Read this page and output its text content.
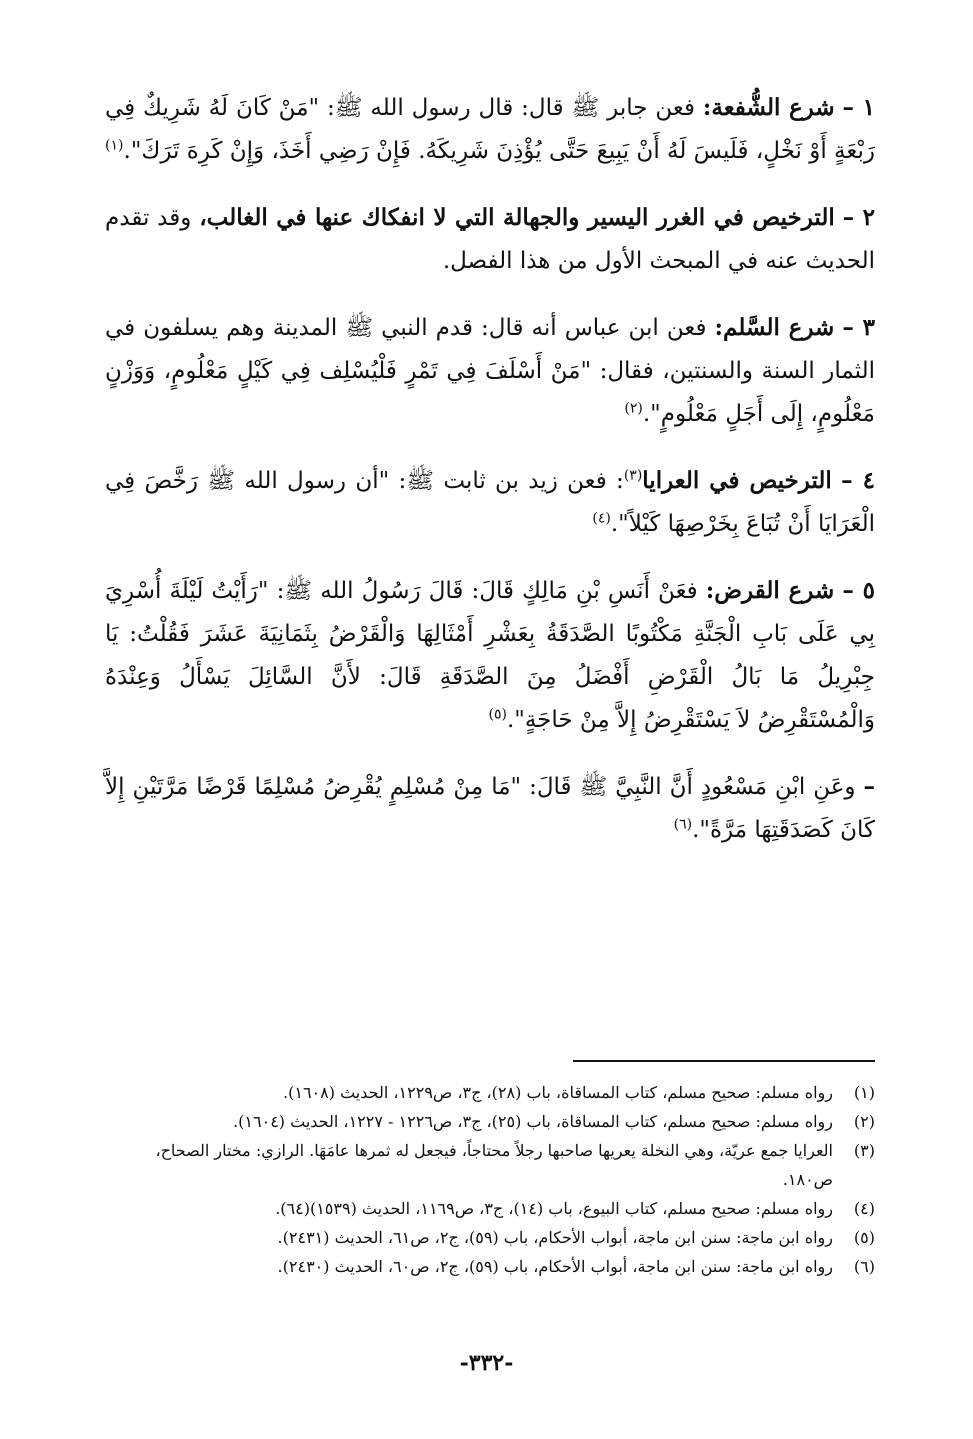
١ – شرع الشُّفعة: فعن جابر ﷺ قال: قال رسول الله ﷺ: "مَنْ كَانَ لَهُ شَرِيكٌ فِي رَبْعَةٍ أَوْ نَخْلٍ، فَلَيسَ لَهُ أَنْ يَبِيعَ حَتَّى يُؤْذِنَ شَرِيكَهُ. فَإِنْ رَضِي أَخَذَ، وَإِنْ كَرِهَ تَرَكَ".$^{(١)}$

٢ – الترخيص في الغرر اليسير والجهالة التي لا انفكاك عنها في الغالب، وقد تقدم الحديث عنه في المبحث الأول من هذا الفصل.

٣ – شرع السَّلم: فعن ابن عباس أنه قال: قدم النبي ﷺ المدينة وهم يسلفون في الثمار السنة والسنتين، فقال: "مَنْ أَسْلَفَ فِي تَمْرٍ فَلْيُسْلِف فِي كَيْلٍ مَعْلُومٍ، وَوَزْنٍ مَعْلُومٍ، إِلَى أَجَلٍ مَعْلُومٍ".$^{(٢)}$

٤ – الترخيص في العرايا$^{(٣)}$: فعن زيد بن ثابت ﷺ: "أن رسول الله ﷺ رَخَّصَ فِي الْعَرَايَا أَنْ تُبَاعَ بِخَرْصِهَا كَيْلاً".$^{(٤)}$

٥ – شرع القرض: فعَنْ أَنَسِ بْنِ مَالِكٍ قَالَ: قَالَ رَسُولُ الله ﷺ: "رَأَيْتُ لَيْلَةَ أُسْرِيَ بِي عَلَى بَابِ الْجَنَّةِ مَكْتُوبًا الصَّدَقَةُ بِعَشْرِ أَمْثَالِهَا وَالْقَرْضُ بِثَمَانِيَةَ عَشَرَ فَقُلْتُ: يَا جِبْرِيلُ مَا بَالُ الْقَرْضِ أَفْضَلُ مِنَ الصَّدَقَةِ قَالَ: لأَنَّ السَّائِلَ يَسْأَلُ وَعِنْدَهُ وَالْمُسْتَقْرِضُ لاَ يَسْتَقْرِضُ إِلاَّ مِنْ حَاجَةٍ".$^{(٥)}$

– وعَنِ ابْنِ مَسْعُودٍ أَنَّ النَّبِيَّ ﷺ قَالَ: "مَا مِنْ مُسْلِمٍ يُقْرِضُ مُسْلِمًا قَرْضًا مَرَّتَيْنِ إِلاَّ كَانَ كَصَدَقَتِهَا مَرَّةً".$^{(٦)}$

(١)
رواه مسلم: صحيح مسلم، كتاب المساقاة، باب (٢٨)، ج٣، ص١٢٢٩، الحديث (١٦٠٨).
(٢)
رواه مسلم: صحيح مسلم، كتاب المساقاة، باب (٢٥)، ج٣، ص١٢٢٦ - ١٢٢٧، الحديث (١٦٠٤).
(٣)
العرايا جمع عريّة، وهي النخلة يعريها صاحبها رجلاً محتاجاً، فيجعل له ثمرها عامَهَا. الرازي: مختار الصحاح، ص١٨٠.
(٤)
رواه مسلم: صحيح مسلم، كتاب البيوع، باب (١٤)، ج٣، ص١١٦٩، الحديث (١٥٣٩)(٦٤).
(٥)
رواه ابن ماجة: سنن ابن ماجة، أبواب الأحكام، باب (٥٩)، ج٢، ص٦١، الحديث (٢٤٣١).
(٦)
رواه ابن ماجة: سنن ابن ماجة، أبواب الأحكام، باب (٥٩)، ج٢، ص٦٠، الحديث (٢٤٣٠).
-٣٣٢-
